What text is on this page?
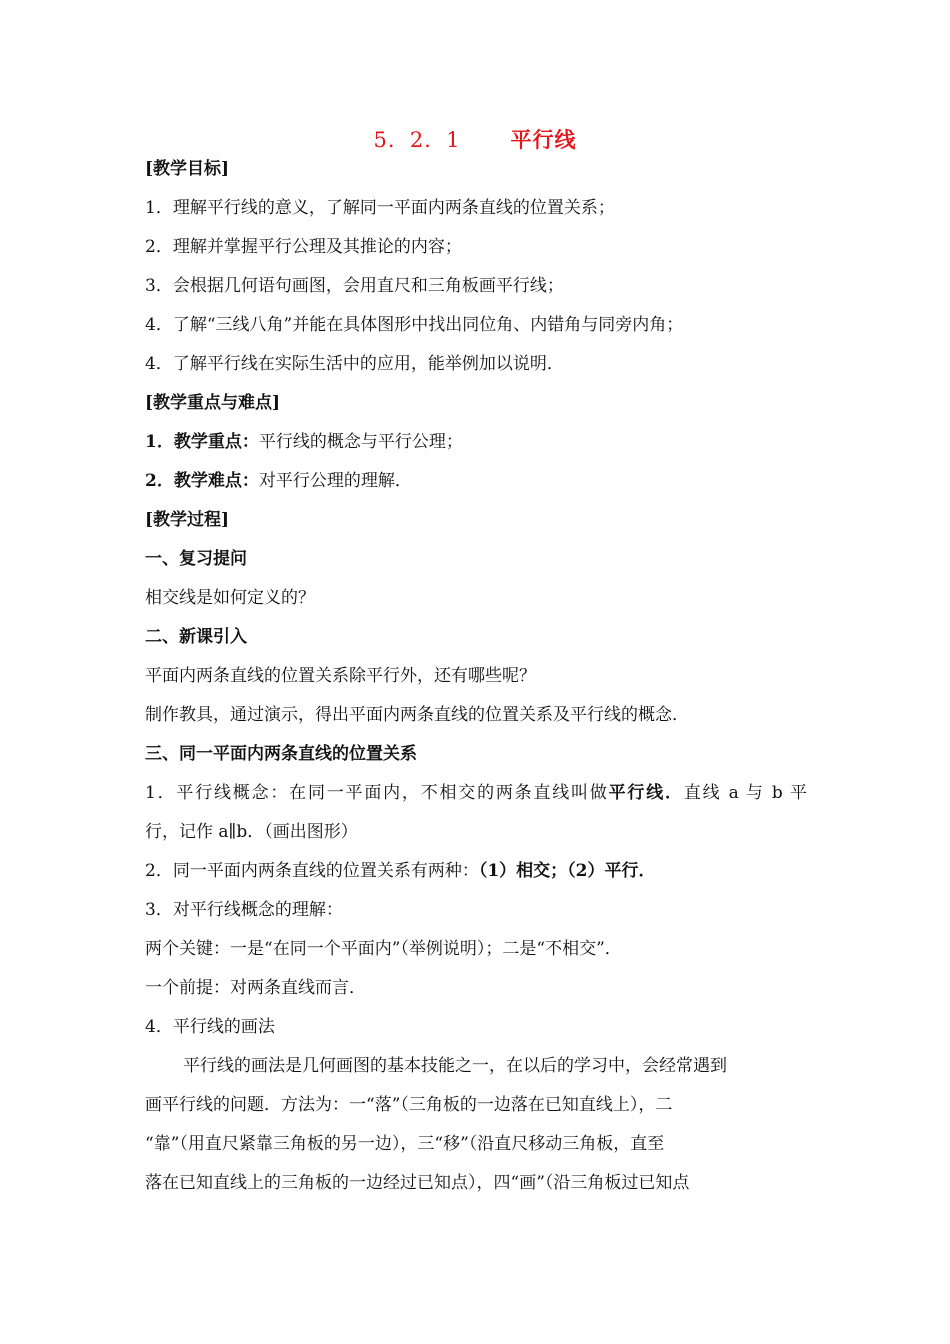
5．2．1 平行线
[教学目标]
1．理解平行线的意义，了解同一平面内两条直线的位置关系；
2．理解并掌握平行公理及其推论的内容；
3．会根据几何语句画图，会用直尺和三角板画平行线；
4．了解“三线八角”并能在具体图形中找出同位角、内错角与同旁内角；
4．了解平行线在实际生活中的应用，能举例加以说明．
[教学重点与难点]
1．教学重点：平行线的概念与平行公理；
2．教学难点：对平行公理的理解．
[教学过程]
一、复习提问
相交线是如何定义的？
二、新课引入
平面内两条直线的位置关系除平行外，还有哪些呢？
制作教具，通过演示，得出平面内两条直线的位置关系及平行线的概念．
三、同一平面内两条直线的位置关系
1．平行线概念：在同一平面内，不相交的两条直线叫做平行线．直线 a 与 b 平
行，记作 a∥b．（画出图形）
2．同一平面内两条直线的位置关系有两种：（1）相交；（2）平行．
3．对平行线概念的理解：
两个关键：一是“在同一个平面内”（举例说明）；二是“不相交”．
一个前提：对两条直线而言．
4．平行线的画法
平行线的画法是几何画图的基本技能之一，在以后的学习中，会经常遇到
画平行线的问题．方法为：一“落”（三角板的一边落在已知直线上），二
“靠”（用直尺紧靠三角板的另一边），三“移”（沿直尺移动三角板，直至
落在已知直线上的三角板的一边经过已知点），四“画”（沿三角板过已知点
